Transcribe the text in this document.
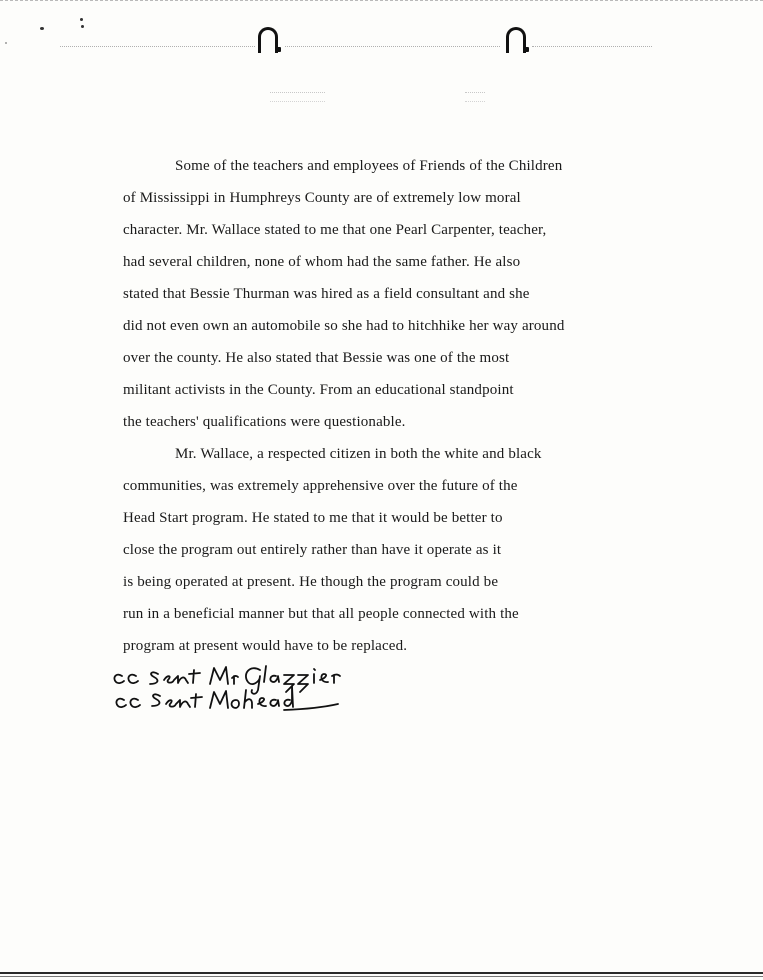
Some of the teachers and employees of Friends of the Children
of Mississippi in Humphreys County are of extremely low moral
character. Mr. Wallace stated to me that one Pearl Carpenter, teacher,
had several children, none of whom had the same father. He also
stated that Bessie Thurman was hired as a field consultant and she
did not even own an automobile so she had to hitchhike her way around
over the county. He also stated that Bessie was one of the most
militant activists in the County. From an educational standpoint
the teachers' qualifications were questionable.
Mr. Wallace, a respected citizen in both the white and black
communities, was extremely apprehensive over the future of the
Head Start program. He stated to me that it would be better to
close the program out entirely rather than have it operate as it
is being operated at present. He though the program could be
run in a beneficial manner but that all people connected with the
program at present would have to be replaced.
